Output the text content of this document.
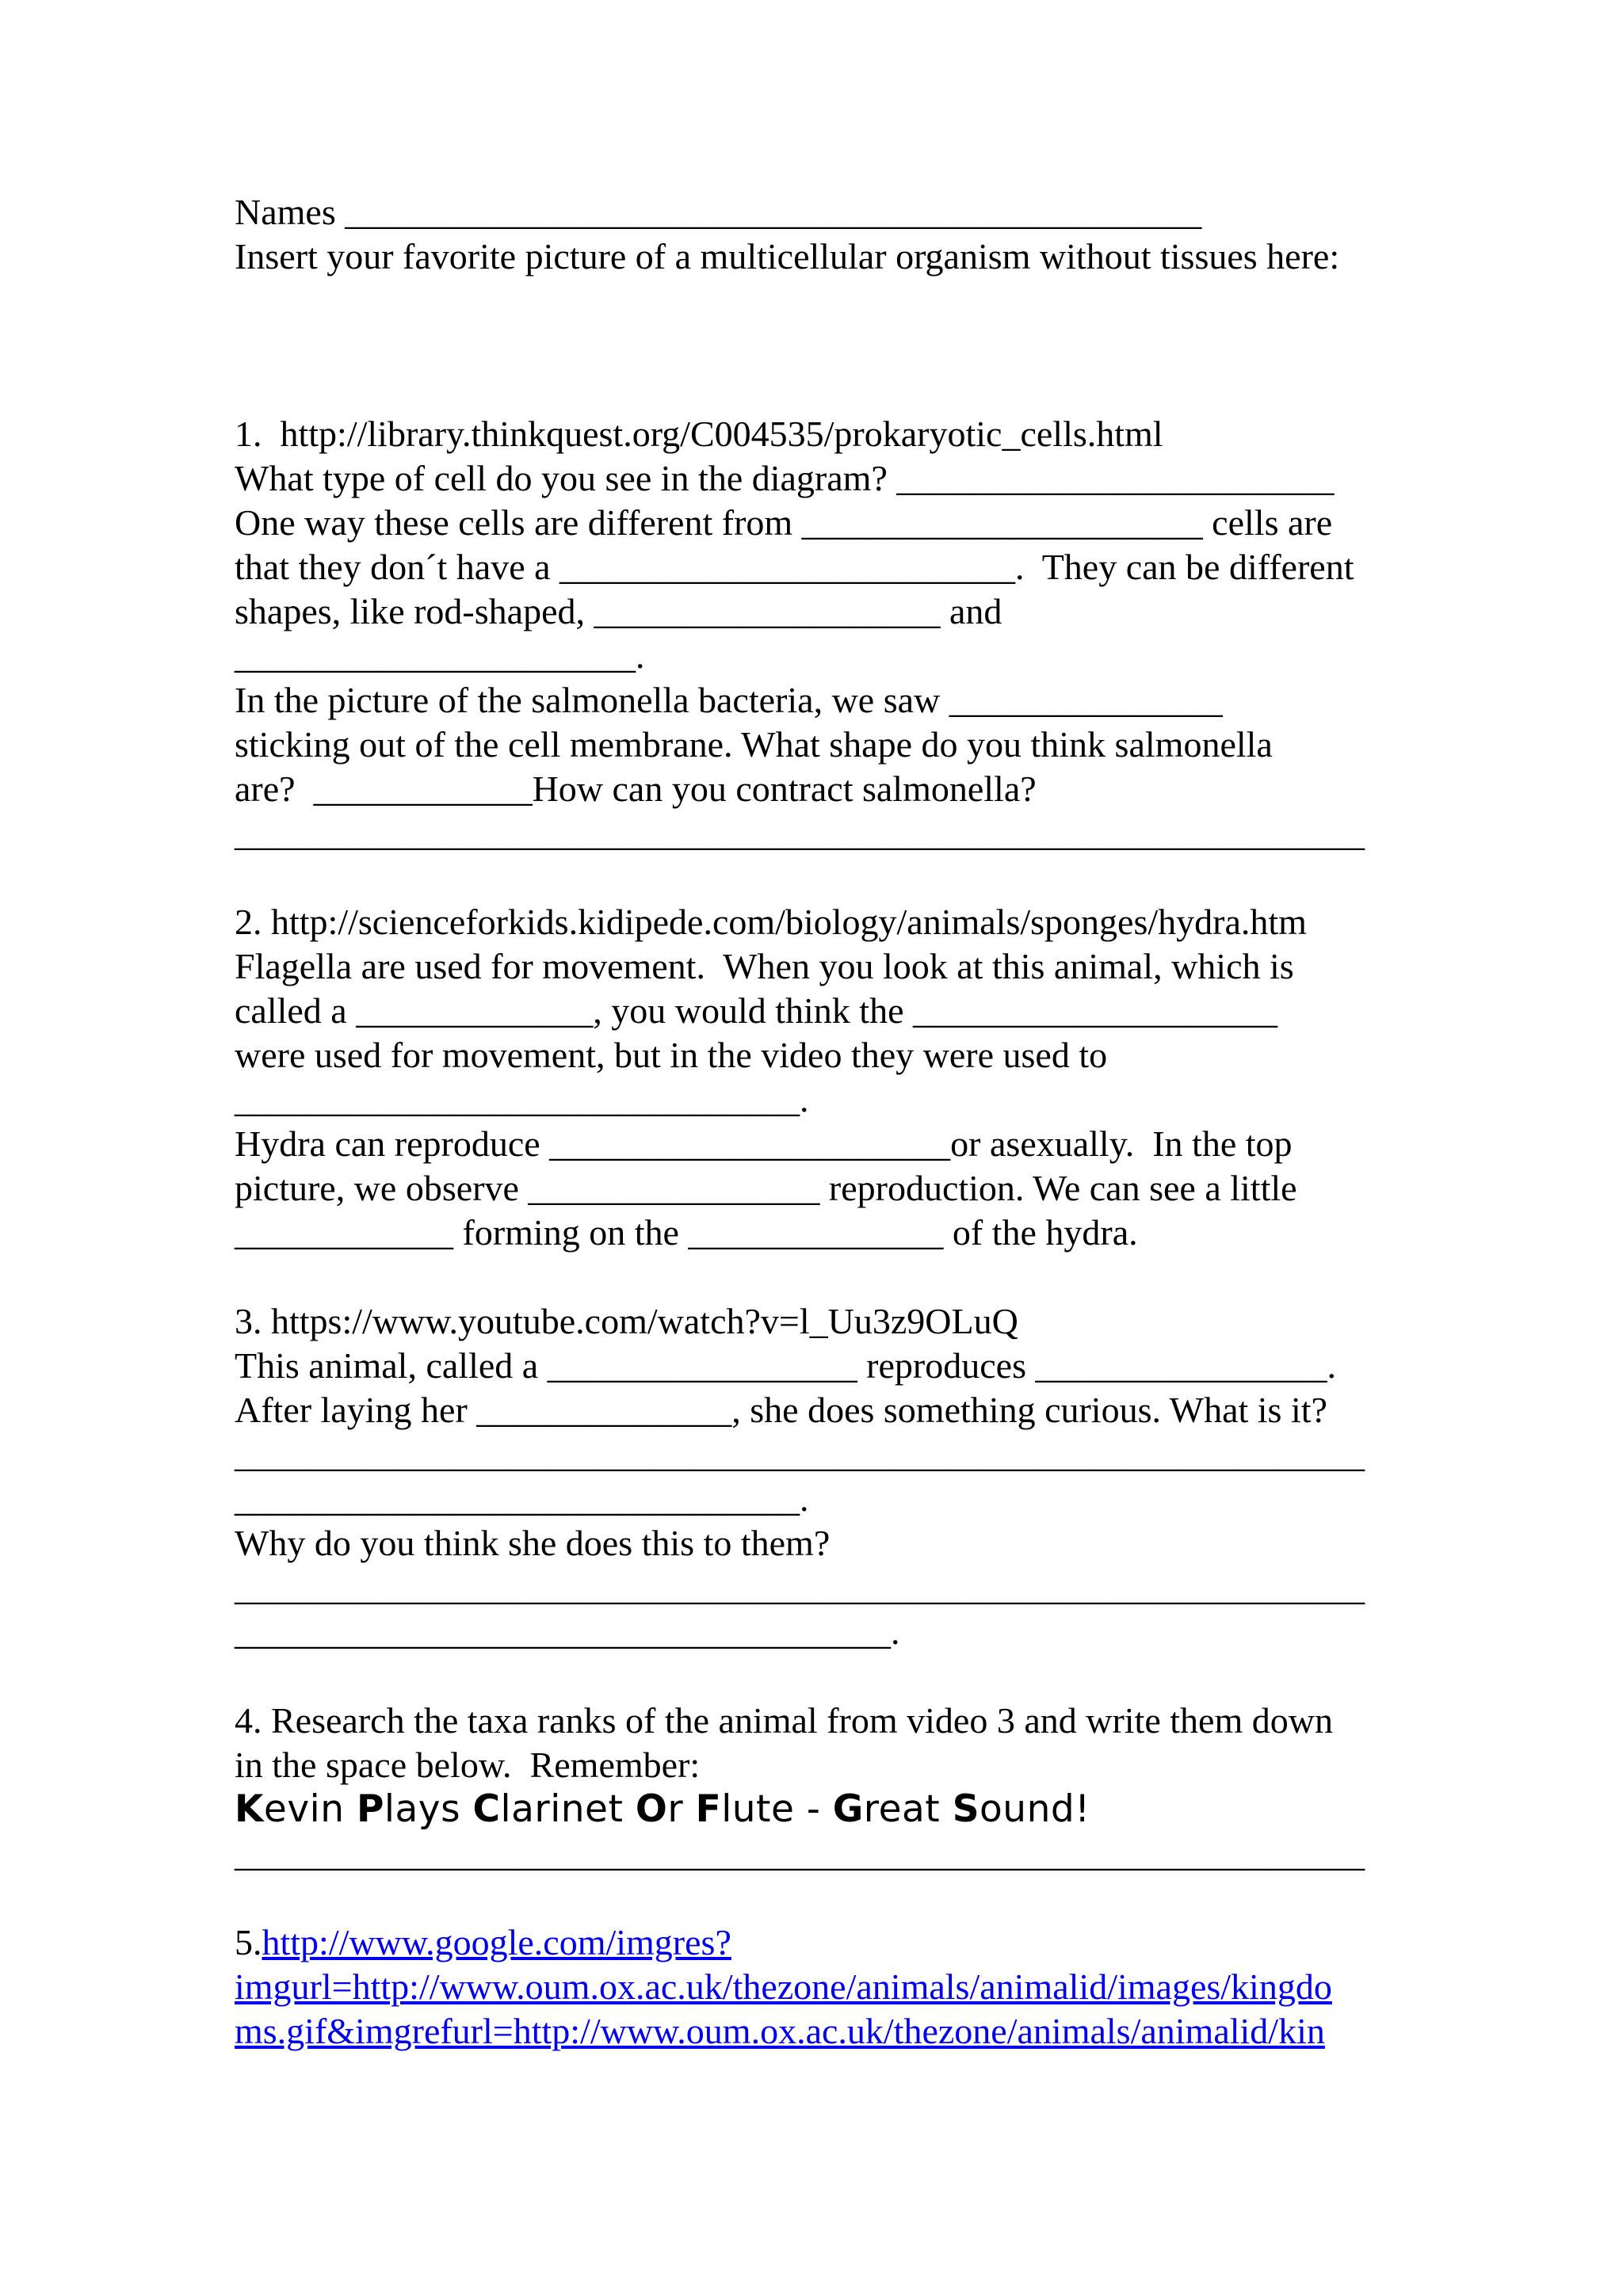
Names _______________________________________________
Insert your favorite picture of a multicellular organism without tissues here:
1.  http://library.thinkquest.org/C004535/prokaryotic_cells.html
What type of cell do you see in the diagram? ________________________
One way these cells are different from ______________________ cells are
that they don´t have a _________________________.  They can be different
shapes, like rod-shaped, ___________________ and
______________________.
In the picture of the salmonella bacteria, we saw _______________
sticking out of the cell membrane. What shape do you think salmonella
are?  ____________How can you contract salmonella?
______________________________________________________________
2. http://scienceforkids.kidipede.com/biology/animals/sponges/hydra.htm
Flagella are used for movement.  When you look at this animal, which is
called a _____________, you would think the ____________________
were used for movement, but in the video they were used to
_______________________________.
Hydra can reproduce ______________________or asexually.  In the top
picture, we observe ________________ reproduction. We can see a little
____________ forming on the ______________ of the hydra.
3. https://www.youtube.com/watch?v=l_Uu3z9OLuQ
This animal, called a _________________ reproduces ________________.
After laying her ______________, she does something curious. What is it?
______________________________________________________________
_______________________________.
Why do you think she does this to them?
______________________________________________________________
____________________________________.
4. Research the taxa ranks of the animal from video 3 and write them down
in the space below.  Remember:
Kevin Plays Clarinet Or Flute - Great Sound!
______________________________________________________________
5.http://www.google.com/imgres?
imgurl=http://www.oum.ox.ac.uk/thezone/animals/animalid/images/kingdo
ms.gif&imgrefurl=http://www.oum.ox.ac.uk/thezone/animals/animalid/kin
